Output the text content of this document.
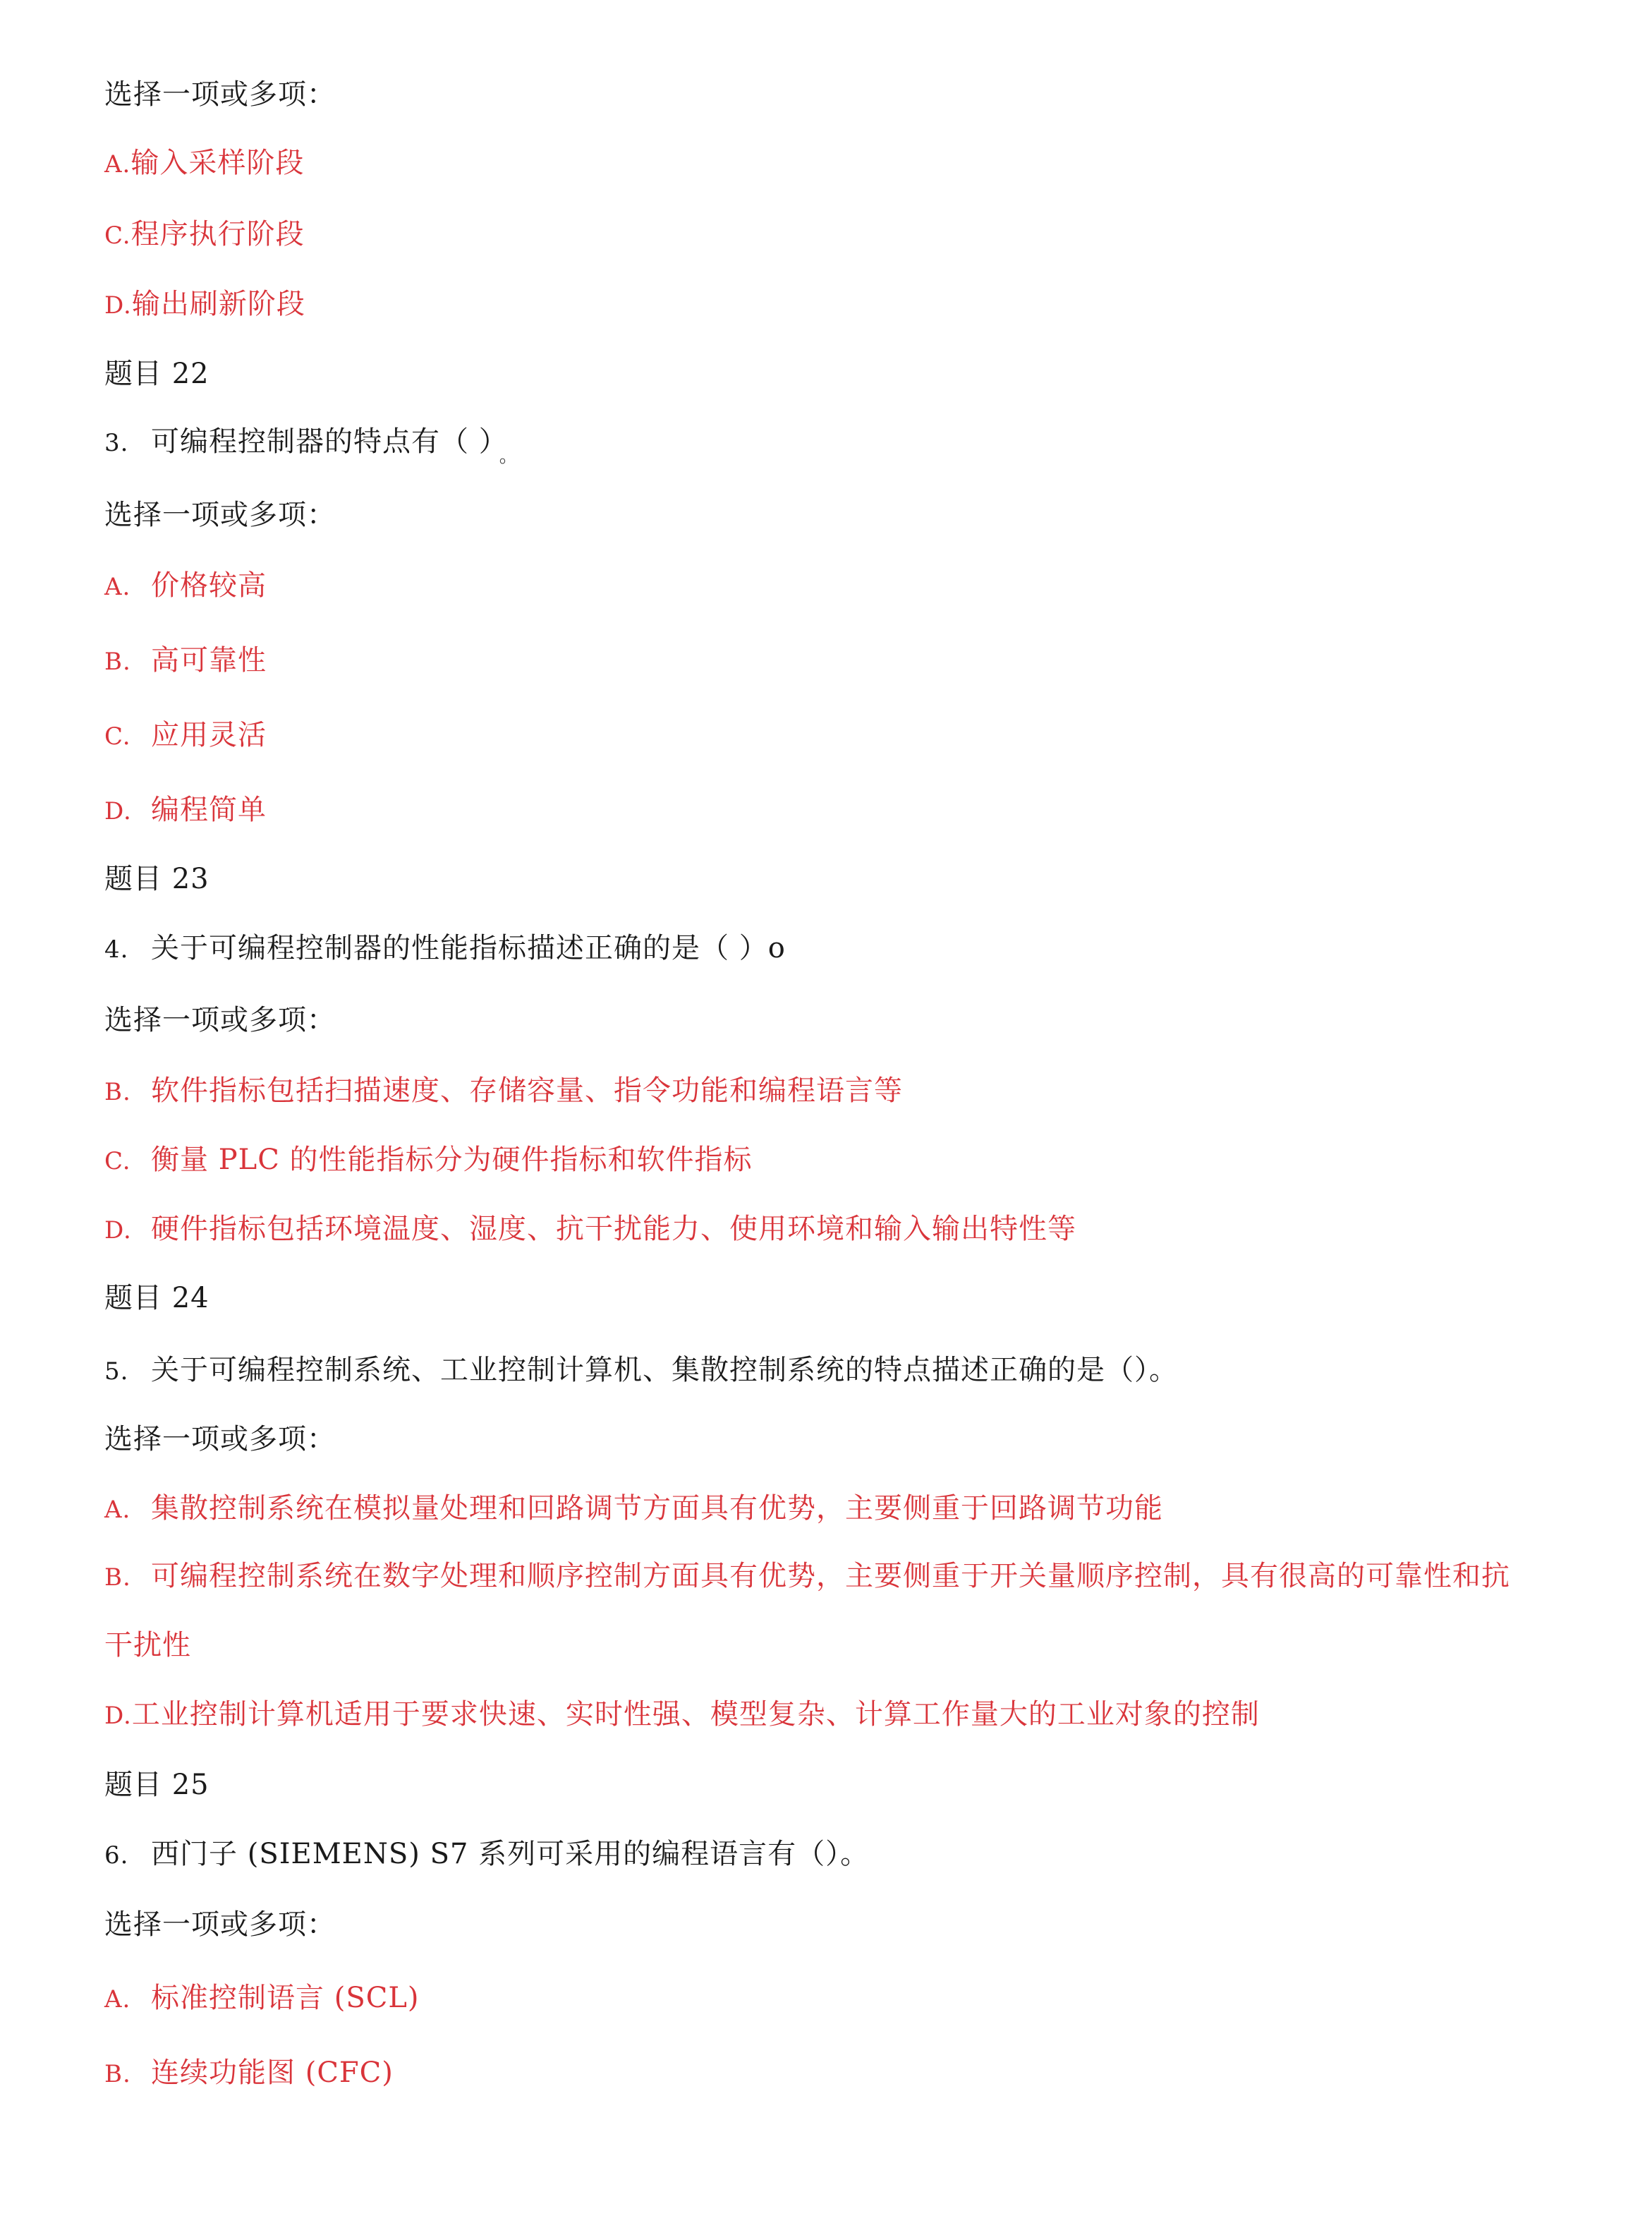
选择一项或多项：
A.输入采样阶段
C.程序执行阶段
D.输出刷新阶段
题目 22
3. 可编程控制器的特点有（ ） $_。$
选择一项或多项：
A. 价格较高
B. 高可靠性
C. 应用灵活
D. 编程简单
题目 23
4. 关于可编程控制器的性能指标描述正确的是（ ）o
选择一项或多项：
B. 软件指标包括扫描速度、存储容量、指令功能和编程语言等
C. 衡量 PLC 的性能指标分为硬件指标和软件指标
D. 硬件指标包括环境温度、湿度、抗干扰能力、使用环境和输入输出特性等
题目 24
5. 关于可编程控制系统、工业控制计算机、集散控制系统的特点描述正确的是（）。
选择一项或多项：
A. 集散控制系统在模拟量处理和回路调节方面具有优势，主要侧重于回路调节功能
B. 可编程控制系统在数字处理和顺序控制方面具有优势，主要侧重于开关量顺序控制，具有很高的可靠性和抗
干扰性
D.工业控制计算机适用于要求快速、实时性强、模型复杂、计算工作量大的工业对象的控制
题目 25
6. 西门子 (SIEMENS) S7 系列可采用的编程语言有（）。
选择一项或多项：
A. 标准控制语言 (SCL)
B. 连续功能图 (CFC)
